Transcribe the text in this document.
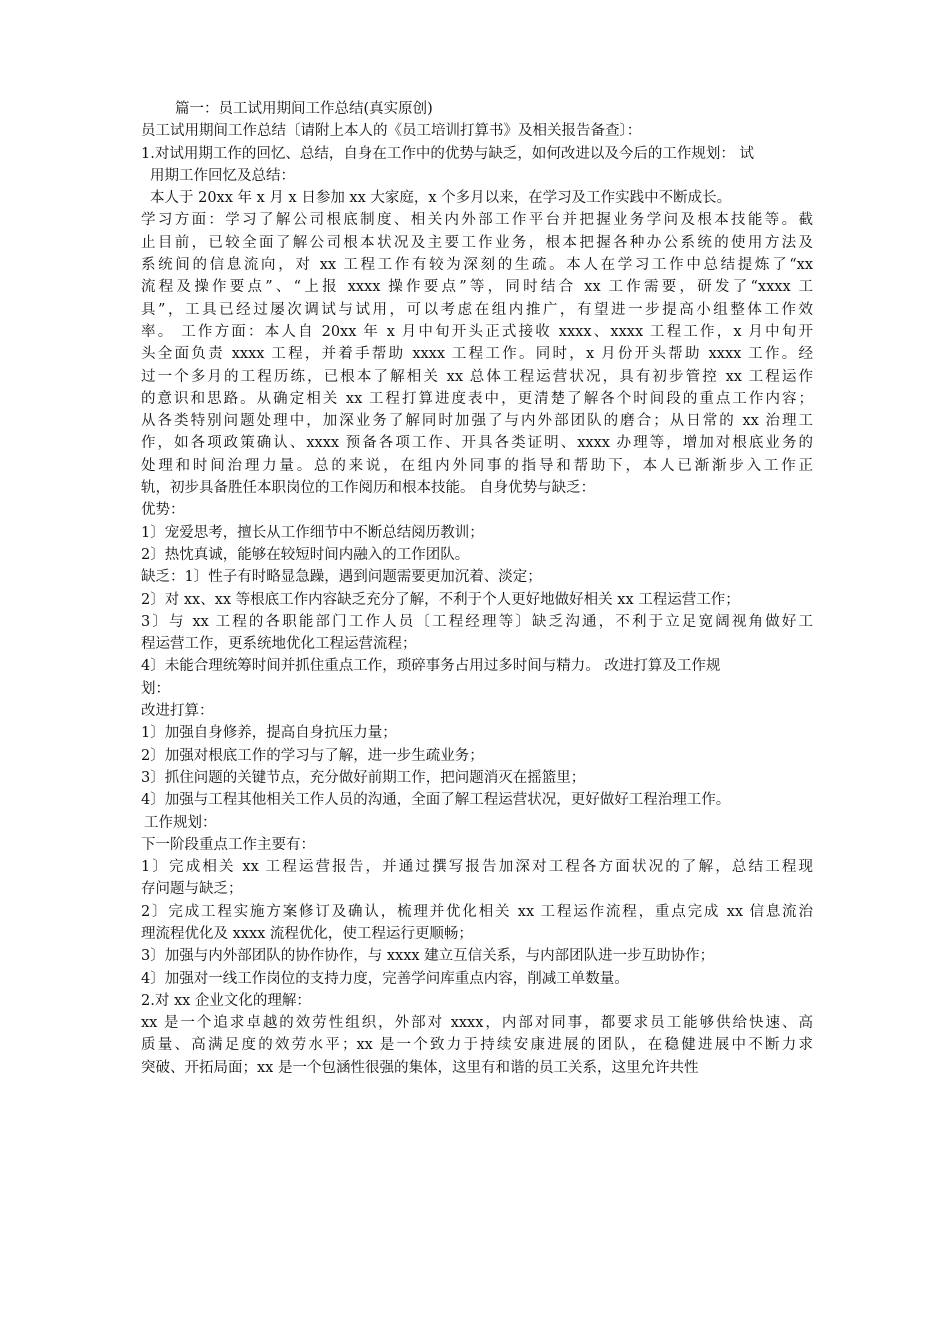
篇一：员工试用期间工作总结(真实原创)
员工试用期间工作总结〔请附上本人的《员工培训打算书》及相关报告备查〕：
1.对试用期工作的回忆、总结，自身在工作中的优势与缺乏，如何改进以及今后的工作规划： 试
用期工作回忆及总结：
本人于 20xx 年 x 月 x 日参加 xx 大家庭，x 个多月以来，在学习及工作实践中不断成长。
学习方面：学习了解公司根底制度、相关内外部工作平台并把握业务学问及根本技能等。截
止目前，已较全面了解公司根本状况及主要工作业务，根本把握各种办公系统的使用方法及
系统间的信息流向，对 xx 工程工作有较为深刻的生疏。本人在学习工作中总结提炼了“xx
流程及操作要点”、“上报 xxxx 操作要点”等，同时结合 xx 工作需要，研发了“xxxx 工
具”，工具已经过屡次调试与试用，可以考虑在组内推广，有望进一步提高小组整体工作效
率。 工作方面：本人自 20xx 年 x 月中旬开头正式接收 xxxx、xxxx 工程工作，x 月中旬开
头全面负责 xxxx 工程，并着手帮助 xxxx 工程工作。同时，x 月份开头帮助 xxxx 工作。经
过一个多月的工程历练，已根本了解相关 xx 总体工程运营状况，具有初步管控 xx 工程运作
的意识和思路。从确定相关 xx 工程打算进度表中，更清楚了解各个时间段的重点工作内容；
从各类特别问题处理中，加深业务了解同时加强了与内外部团队的磨合；从日常的 xx 治理工
作，如各项政策确认、xxxx 预备各项工作、开具各类证明、xxxx 办理等，增加对根底业务的
处理和时间治理力量。总的来说，在组内外同事的指导和帮助下，本人已渐渐步入工作正
轨，初步具备胜任本职岗位的工作阅历和根本技能。 自身优势与缺乏：
优势：
1〕宠爱思考，擅长从工作细节中不断总结阅历教训；
2〕热忱真诚，能够在较短时间内融入的工作团队。
缺乏：1〕性子有时略显急躁，遇到问题需要更加沉着、淡定；
2〕对 xx、xx 等根底工作内容缺乏充分了解，不利于个人更好地做好相关 xx 工程运营工作；
3〕与 xx 工程的各职能部门工作人员〔工程经理等〕缺乏沟通，不利于立足宽阔视角做好工
程运营工作，更系统地优化工程运营流程；
4〕未能合理统筹时间并抓住重点工作，琐碎事务占用过多时间与精力。 改进打算及工作规
划：
改进打算：
1〕加强自身修养，提高自身抗压力量；
2〕加强对根底工作的学习与了解，进一步生疏业务；
3〕抓住问题的关键节点，充分做好前期工作，把问题消灭在摇篮里；
4〕加强与工程其他相关工作人员的沟通，全面了解工程运营状况，更好做好工程治理工作。
工作规划：
下一阶段重点工作主要有：
1〕完成相关 xx 工程运营报告，并通过撰写报告加深对工程各方面状况的了解，总结工程现
存问题与缺乏；
2〕完成工程实施方案修订及确认，梳理并优化相关 xx 工程运作流程，重点完成 xx 信息流治
理流程优化及 xxxx 流程优化，使工程运行更顺畅；
3〕加强与内外部团队的协作协作，与 xxxx 建立互信关系，与内部团队进一步互助协作；
4〕加强对一线工作岗位的支持力度，完善学问库重点内容，削减工单数量。
2.对 xx 企业文化的理解：
xx 是一个追求卓越的效劳性组织，外部对 xxxx，内部对同事，都要求员工能够供给快速、高
质量、高满足度的效劳水平；xx 是一个致力于持续安康进展的团队，在稳健进展中不断力求
突破、开拓局面；xx 是一个包涵性很强的集体，这里有和谐的员工关系，这里允许共性
